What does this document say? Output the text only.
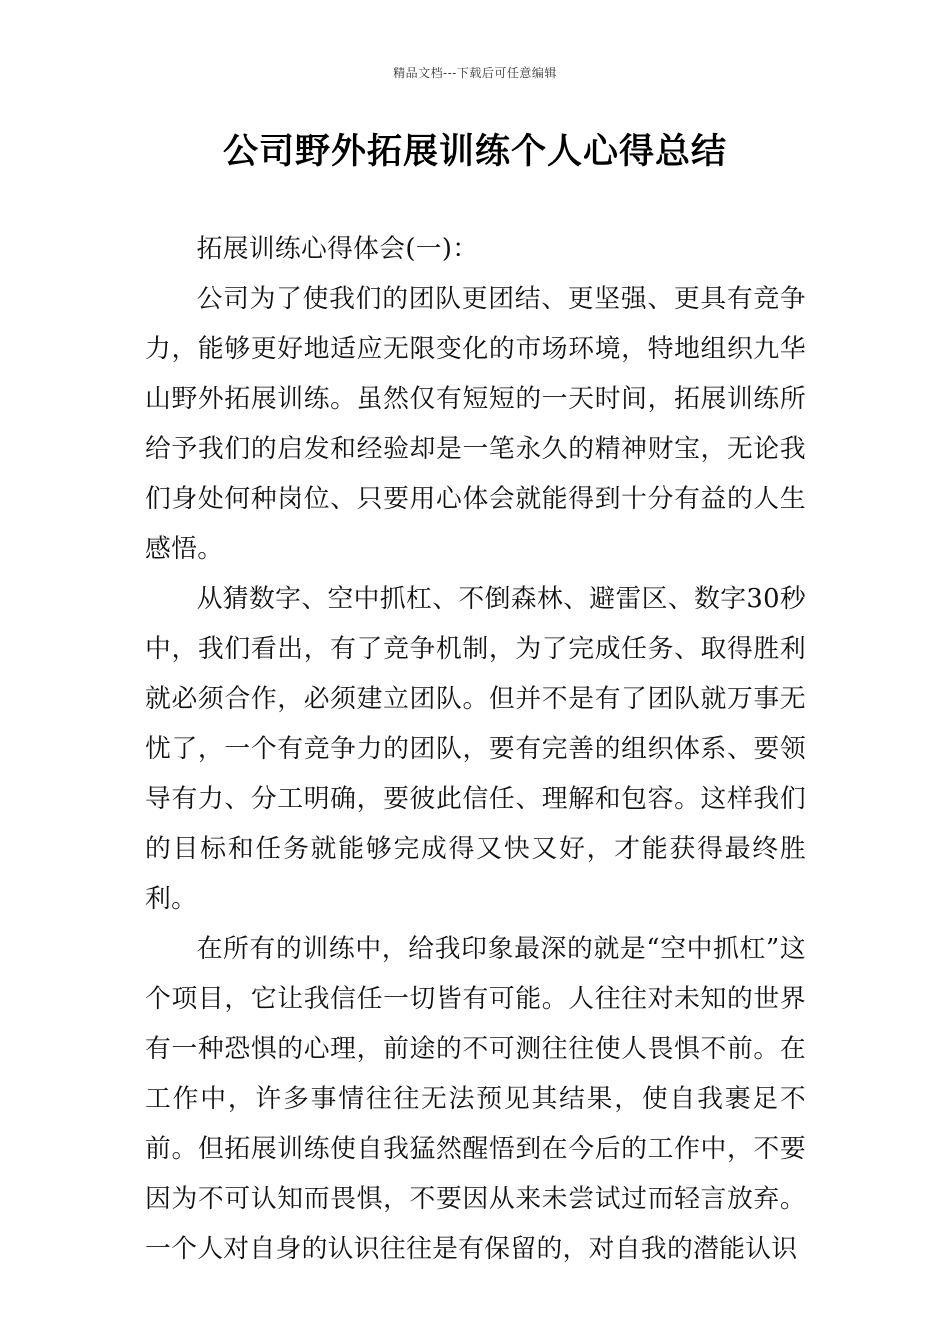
精品文档---下载后可任意编辑
公司野外拓展训练个人心得总结

拓展训练心得体会(一)：

公司为了使我们的团队更团结、更坚强、更具有竞争力，能够更好地适应无限变化的市场环境，特地组织九华山野外拓展训练。虽然仅有短短的一天时间，拓展训练所给予我们的启发和经验却是一笔永久的精神财宝，无论我们身处何种岗位、只要用心体会就能得到十分有益的人生感悟。

从猜数字、空中抓杠、不倒森林、避雷区、数字30秒中，我们看出，有了竞争机制，为了完成任务、取得胜利就必须合作，必须建立团队。但并不是有了团队就万事无忧了，一个有竞争力的团队，要有完善的组织体系、要领导有力、分工明确，要彼此信任、理解和包容。这样我们的目标和任务就能够完成得又快又好，才能获得最终胜利。

在所有的训练中，给我印象最深的就是“空中抓杠”这个项目，它让我信任一切皆有可能。人往往对未知的世界有一种恐惧的心理，前途的不可测往往使人畏惧不前。在工作中，许多事情往往无法预见其结果，使自我裹足不前。但拓展训练使自我猛然醒悟到在今后的工作中，不要因为不可认知而畏惧，不要因从来未尝试过而轻言放弃。一个人对自身的认识往往是有保留的，对自我的潜能认识
